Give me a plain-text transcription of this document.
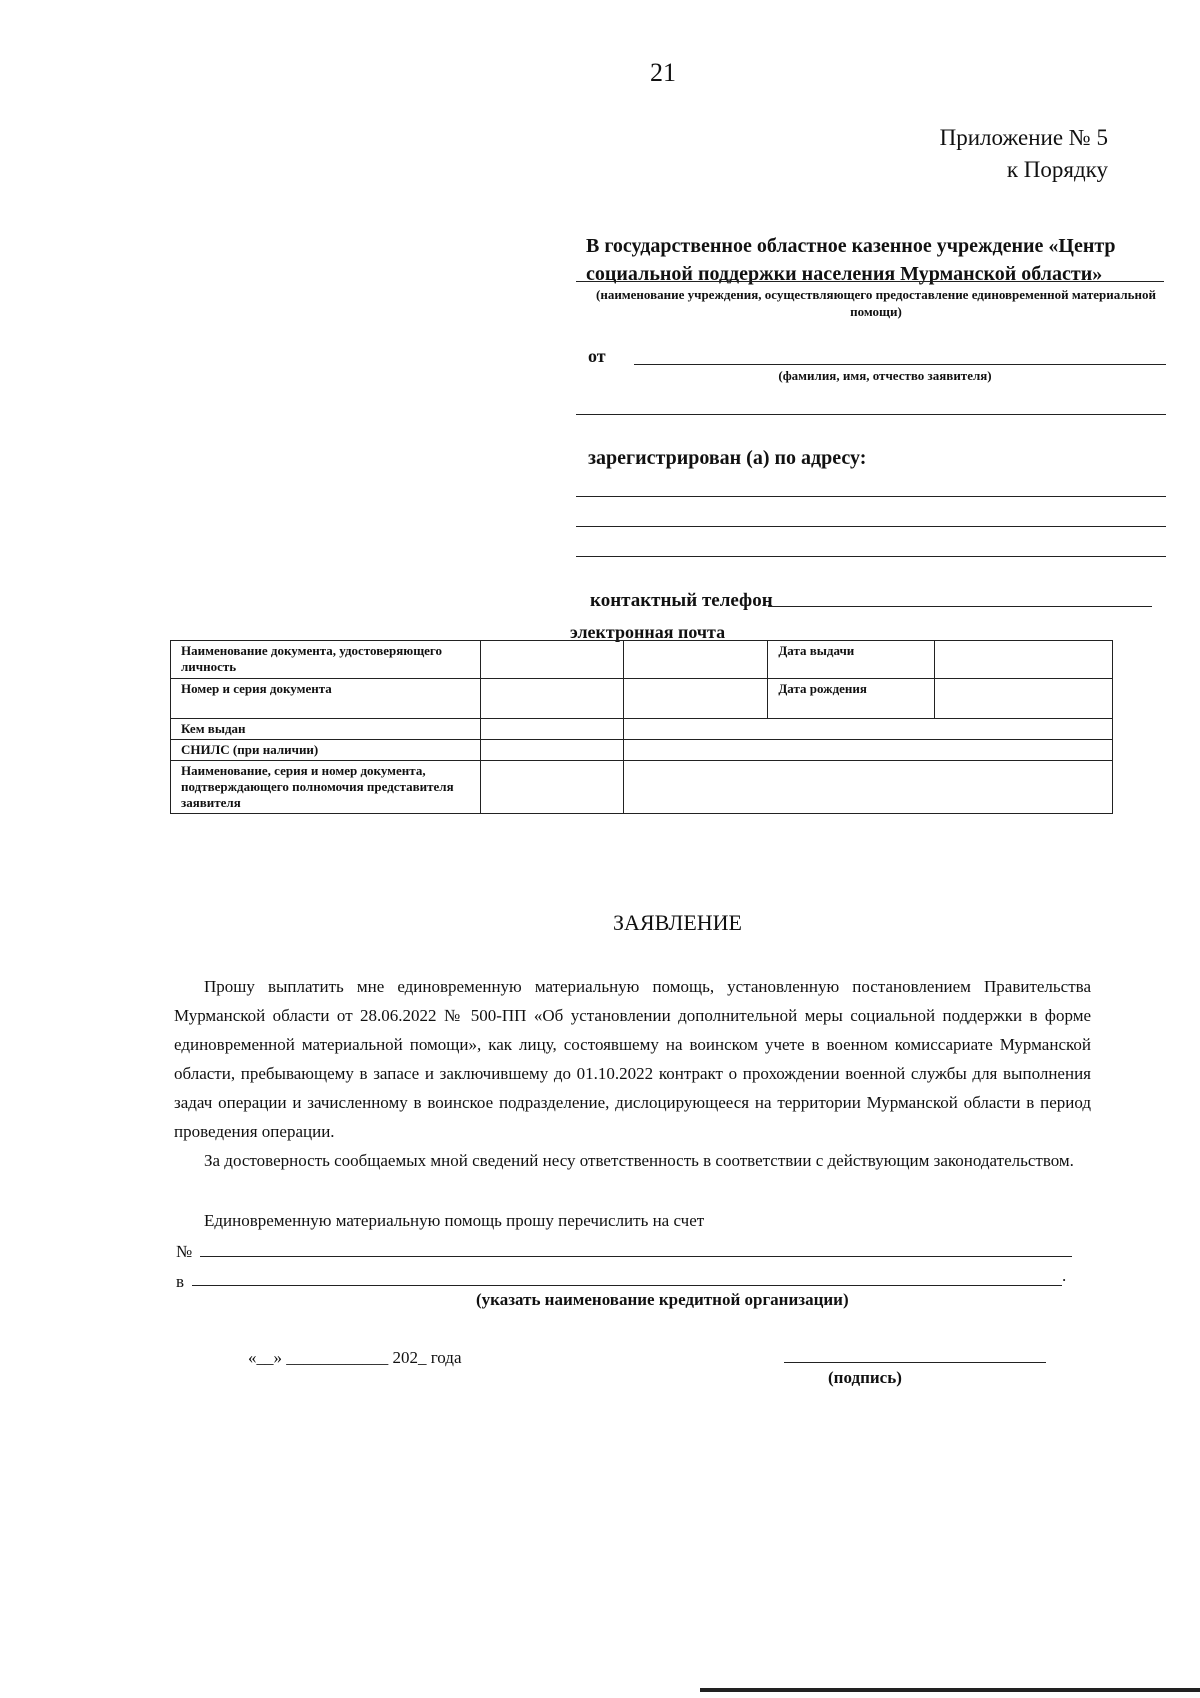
21
Приложение № 5
к Порядку
В государственное областное казенное учреждение «Центр социальной поддержки населения Мурманской области»
(наименование учреждения, осуществляющего предоставление единовременной материальной помощи)
от
(фамилия, имя, отчество заявителя)
зарегистрирован (а) по адресу:
контактный телефон
электронная почта
Наименование документа, удостоверяющего личность			Дата выдачи	
Номер и серия документа			Дата рождения	
Кем выдан				
СНИЛС (при наличии)				
Наименование, серия и номер документа, подтверждающего полномочия представителя заявителя				
ЗАЯВЛЕНИЕ
Прошу выплатить мне единовременную материальную помощь, установленную постановлением Правительства Мурманской области от 28.06.2022 № 500-ПП «Об установлении дополнительной меры социальной поддержки в форме единовременной материальной помощи», как лицу, состоявшему на воинском учете в военном комиссариате Мурманской области, пребывающему в запасе и заключившему до 01.10.2022 контракт о прохождении военной службы для выполнения задач операции и зачисленному в воинское подразделение, дислоцирующееся на территории Мурманской области в период проведения операции.
За достоверность сообщаемых мной сведений несу ответственность в соответствии с действующим законодательством.
Единовременную материальную помощь прошу перечислить на счет
№
в	.
(указать наименование кредитной организации)
«__» ____________ 202_ года
(подпись)
